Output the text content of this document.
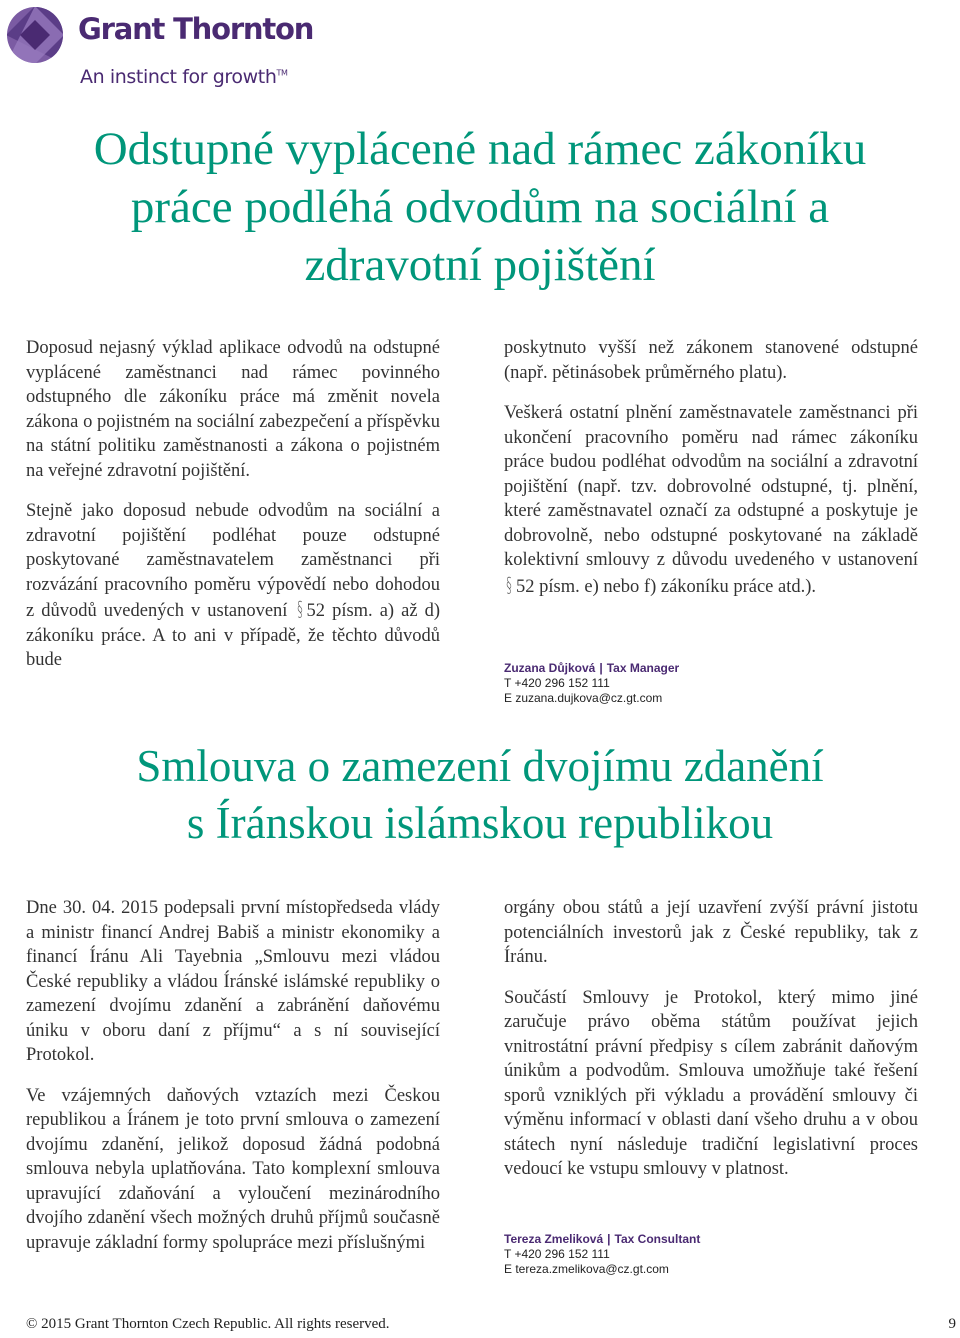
Grant Thornton

An instinct for growth™

Odstupné vyplácené nad rámec zákoníku
práce podléhá odvodům na sociální a
zdravotní pojištění

Doposud nejasný výklad aplikace odvodů na odstupné vyplácené zaměstnanci nad rámec povinného odstupného dle zákoníku práce má změnit novela zákona o pojistném na sociální zabezpečení a příspěvku na státní politiku zaměstnanosti a zákona o pojistném na veřejné zdravotní pojištění.

Stejně jako doposud nebude odvodům na sociální a zdravotní pojištění podléhat pouze odstupné poskytované zaměstnavatelem zaměstnanci při rozvázání pracovního poměru výpovědí nebo dohodou z důvodů uvedených v ustanovení § 52 písm. a) až d) zákoníku práce. A to ani v případě, že těchto důvodů bude

poskytnuto vyšší než zákonem stanovené odstupné (např. pětinásobek průměrného platu).

Veškerá ostatní plnění zaměstnavatele zaměstnanci při ukončení pracovního poměru nad rámec zákoníku práce budou podléhat odvodům na sociální a zdravotní pojištění (např. tzv. dobrovolné odstupné, tj. plnění, které zaměstnavatel označí za odstupné a poskytuje je dobrovolně, nebo odstupné poskytované na základě kolektivní smlouvy z důvodu uvedeného v ustanovení § 52 písm. e) nebo f) zákoníku práce atd.).

Zuzana Důjková | Tax Manager
T +420 296 152 111
E zuzana.dujkova@cz.gt.com
Smlouva o zamezení dvojímu zdanění
s Íránskou islámskou republikou

Dne 30. 04. 2015 podepsali první místopředseda vlády a ministr financí Andrej Babiš a ministr ekonomiky a financí Íránu Ali Tayebnia „Smlouvu mezi vládou České republiky a vládou Íránské islámské republiky o zamezení dvojímu zdanění a zabránění daňovému úniku v oboru daní z příjmu“ a s ní související Protokol.

Ve vzájemných daňových vztazích mezi Českou republikou a Íránem je toto první smlouva o zamezení dvojímu zdanění, jelikož doposud žádná podobná smlouva nebyla uplatňována. Tato komplexní smlouva upravující zdaňování a vyloučení mezinárodního dvojího zdanění všech možných druhů příjmů současně upravuje základní formy spolupráce mezi příslušnými

orgány obou států a její uzavření zvýší právní jistotu potenciálních investorů jak z České republiky, tak z Íránu.

Součástí Smlouvy je Protokol, který mimo jiné zaručuje právo oběma státům používat jejich vnitrostátní právní předpisy s cílem zabránit daňovým únikům a podvodům. Smlouva umožňuje také řešení sporů vzniklých při výkladu a provádění smlouvy či výměnu informací v oblasti daní všeho druhu a v obou státech nyní následuje tradiční legislativní proces vedoucí ke vstupu smlouvy v platnost.

Tereza Zmeliková | Tax Consultant
T +420 296 152 111
E tereza.zmelikova@cz.gt.com
© 2015 Grant Thornton Czech Republic. All rights reserved.	9
